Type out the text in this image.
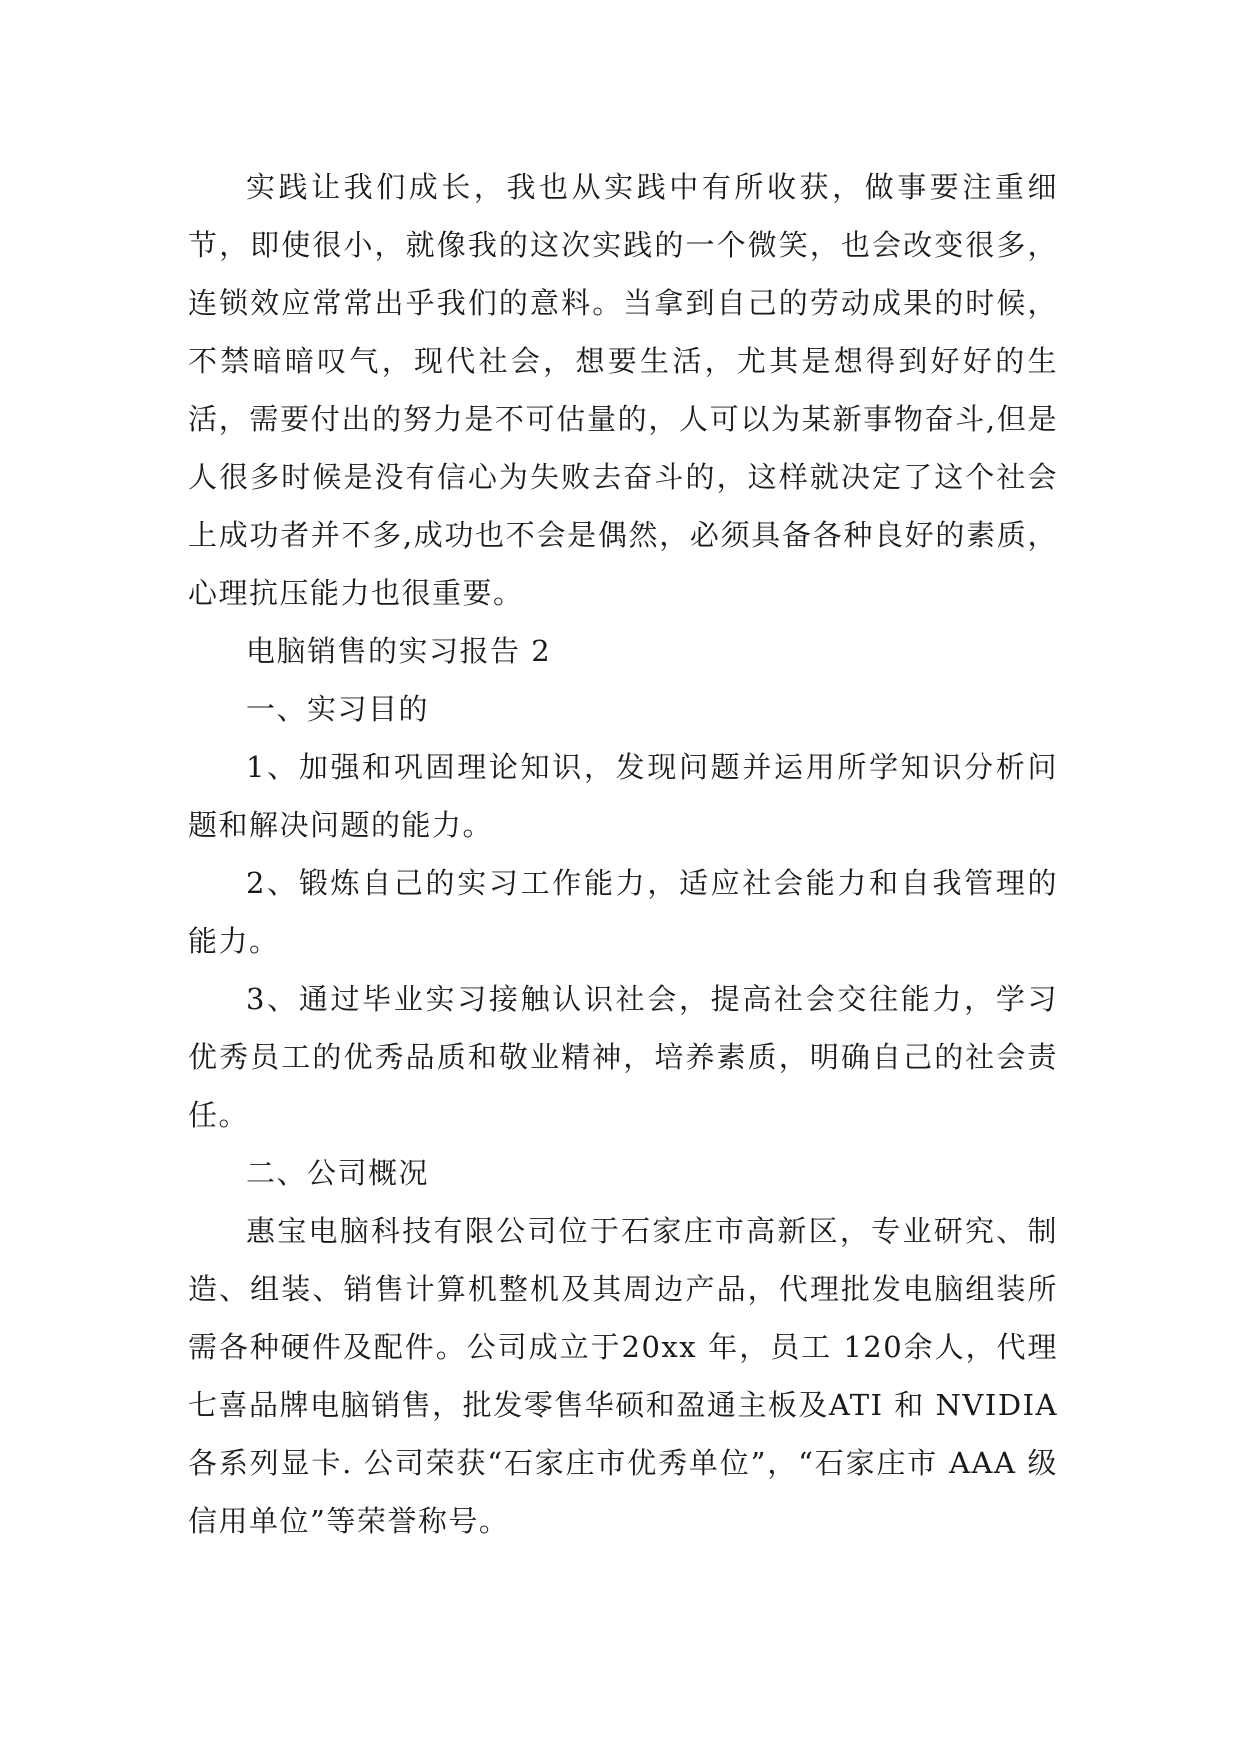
实践让我们成长，我也从实践中有所收获，做事要注重细节，即使很小，就像我的这次实践的一个微笑，也会改变很多，连锁效应常常出乎我们的意料。当拿到自己的劳动成果的时候，不禁暗暗叹气，现代社会，想要生活，尤其是想得到好好的生活，需要付出的努力是不可估量的，人可以为某新事物奋斗,但是人很多时候是没有信心为失败去奋斗的，这样就决定了这个社会上成功者并不多,成功也不会是偶然，必须具备各种良好的素质，心理抗压能力也很重要。

电脑销售的实习报告 2

一、实习目的

1、加强和巩固理论知识，发现问题并运用所学知识分析问题和解决问题的能力。

2、锻炼自己的实习工作能力，适应社会能力和自我管理的能力。

3、通过毕业实习接触认识社会，提高社会交往能力，学习优秀员工的优秀品质和敬业精神，培养素质，明确自己的社会责任。

二、公司概况

惠宝电脑科技有限公司位于石家庄市高新区，专业研究、制造、组装、销售计算机整机及其周边产品，代理批发电脑组装所需各种硬件及配件。公司成立于20xx 年，员工 120余人，代理七喜品牌电脑销售，批发零售华硕和盈通主板及ATI 和 NVIDIA 各系列显卡. 公司荣获“石家庄市优秀单位”，“石家庄市 AAA 级信用单位”等荣誉称号。
